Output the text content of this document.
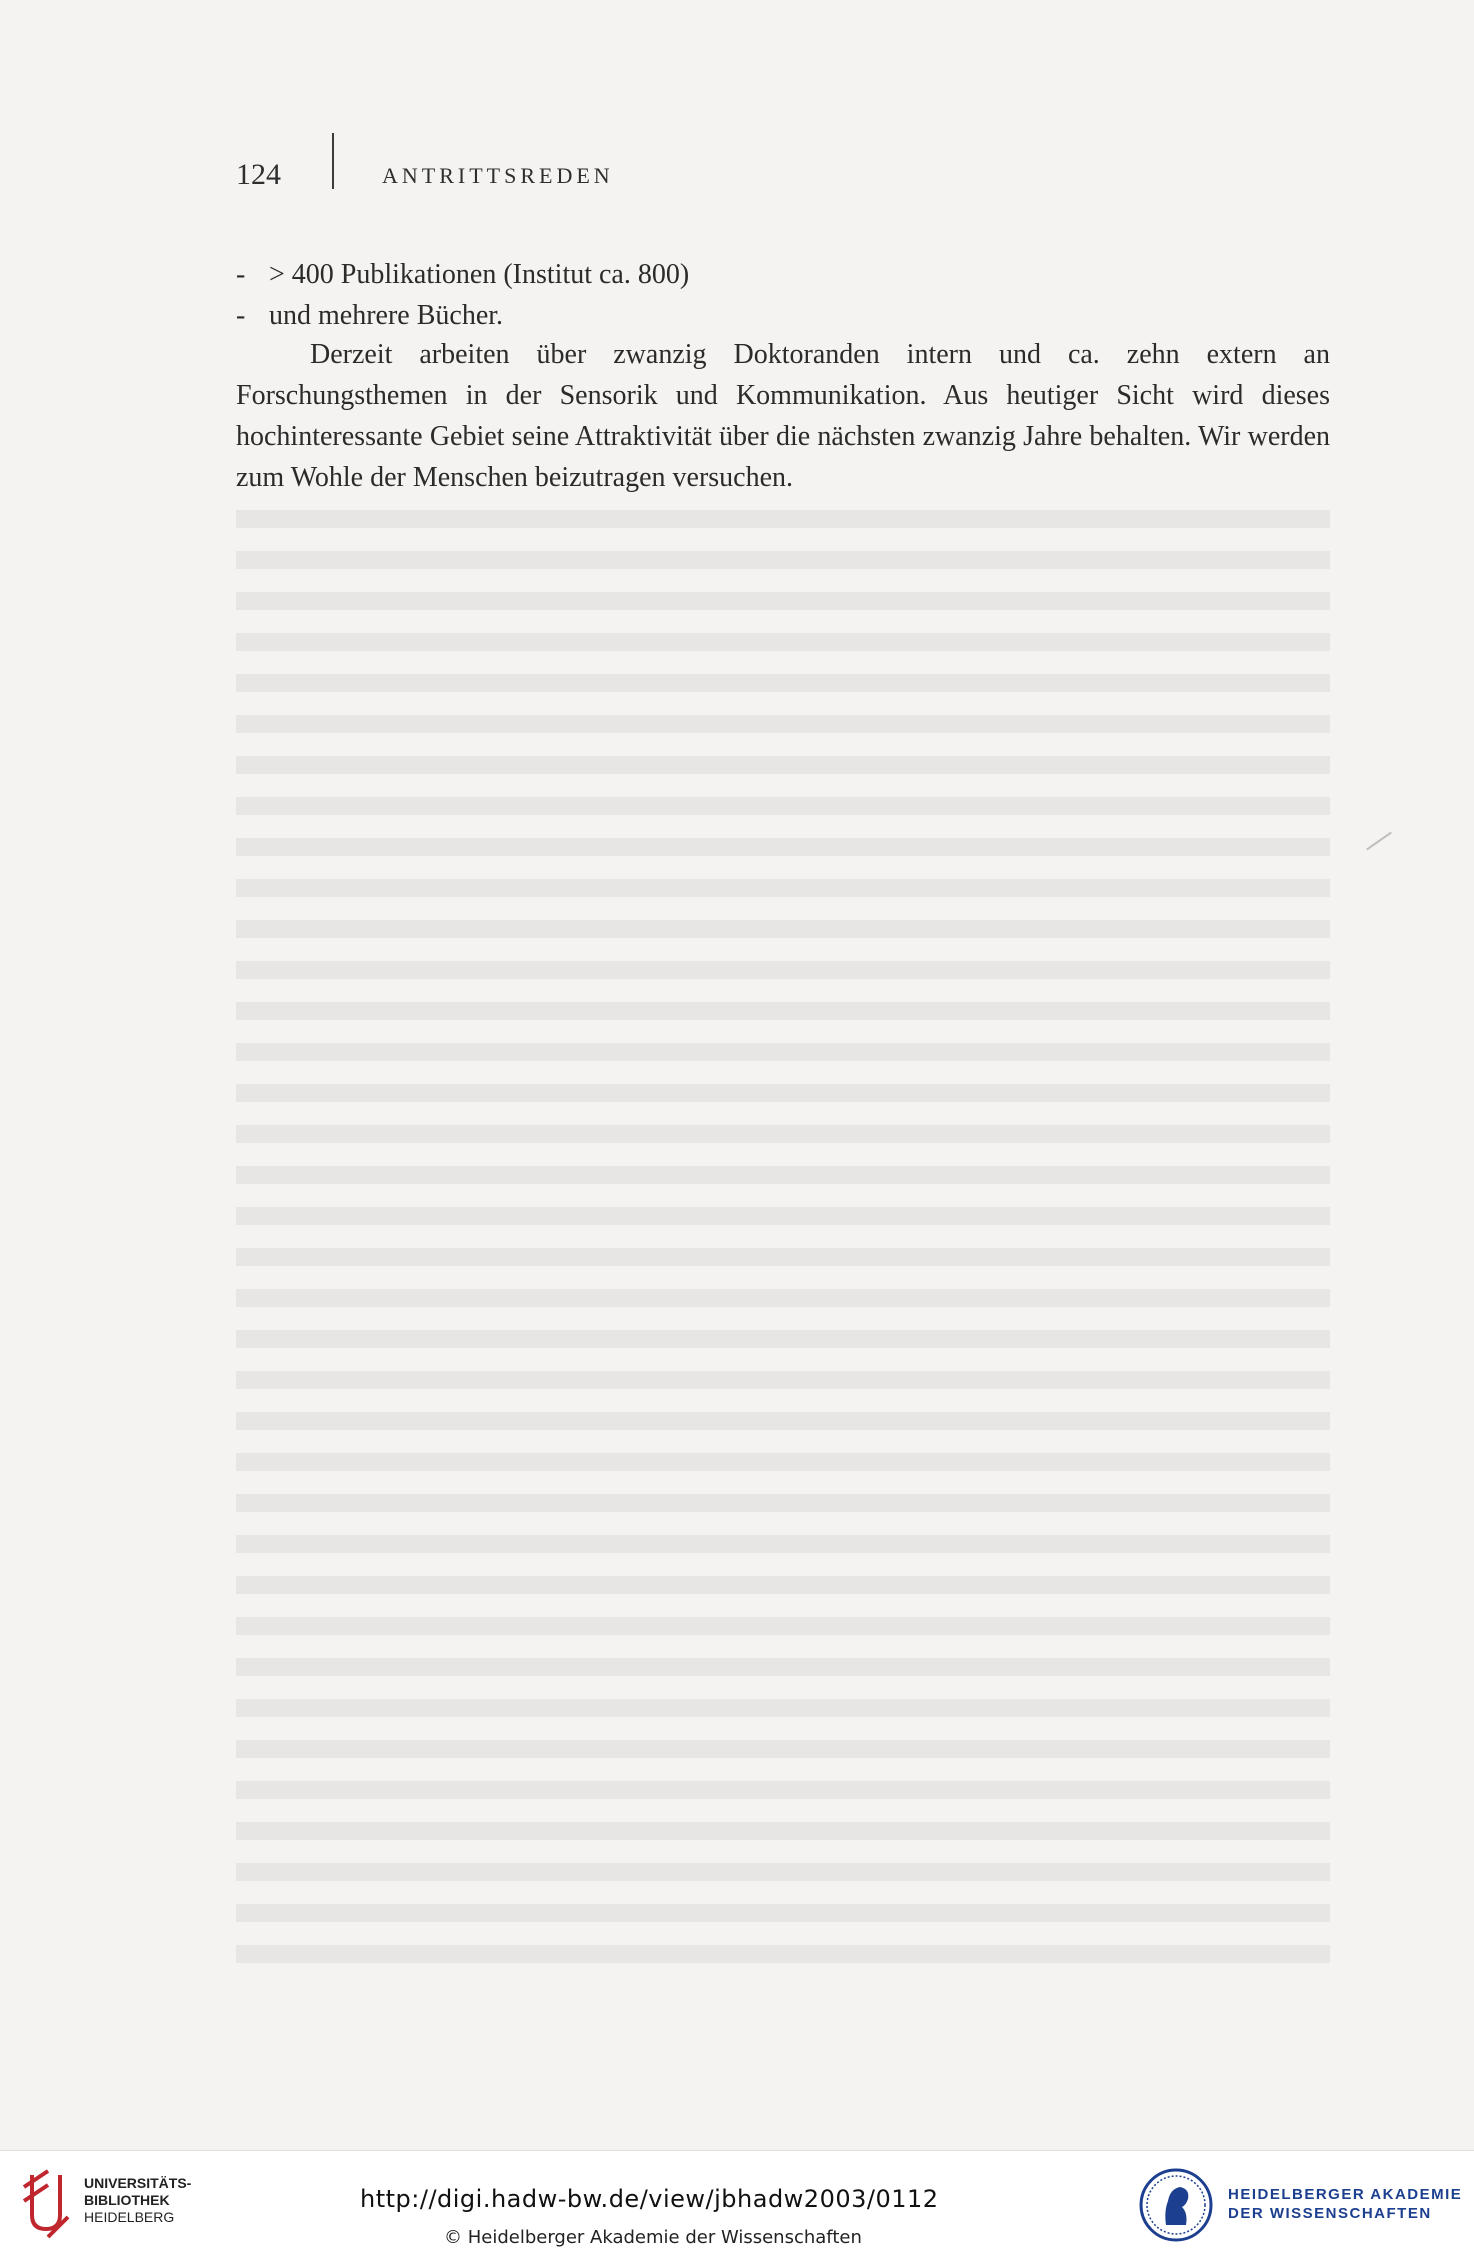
124	ANTRITTSREDEN
- > 400 Publikationen (Institut ca. 800)
- und mehrere Bücher.

Derzeit arbeiten über zwanzig Doktoranden intern und ca. zehn extern an Forschungsthemen in der Sensorik und Kommunikation. Aus heutiger Sicht wird dieses hochinteressante Gebiet seine Attraktivität über die nächsten zwanzig Jahre behalten. Wir werden zum Wohle der Menschen beizutragen versuchen.

UNIVERSITÄTS-
BIBLIOTHEK
HEIDELBERG
http://digi.hadw-bw.de/view/jbhadw2003/0112
© Heidelberger Akademie der Wissenschaften
HEIDELBERGER AKADEMIE
DER WISSENSCHAFTEN
